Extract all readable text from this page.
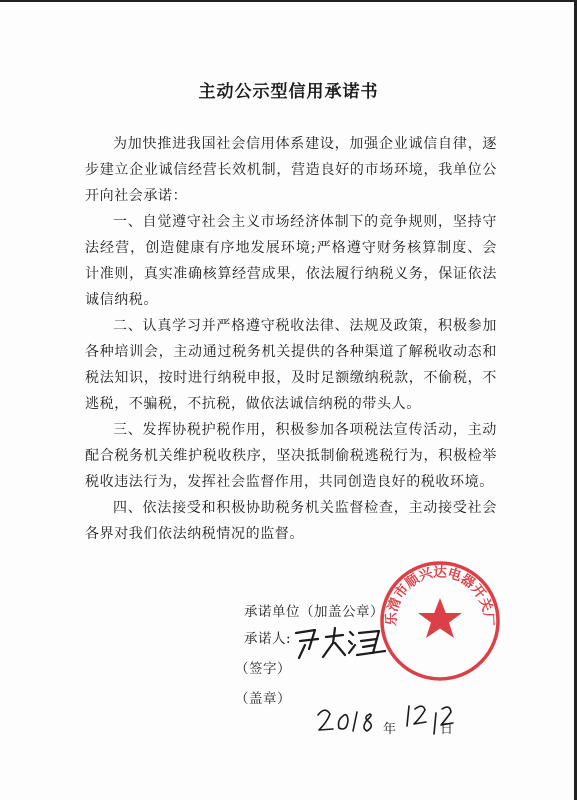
主动公示型信用承诺书

为加快推进我国社会信用体系建设，加强企业诚信自律，逐步建立企业诚信经营长效机制，营造良好的市场环境，我单位公开向社会承诺：

一、自觉遵守社会主义市场经济体制下的竞争规则，坚持守法经营，创造健康有序地发展环境;严格遵守财务核算制度、会计准则，真实准确核算经营成果，依法履行纳税义务，保证依法诚信纳税。

二、认真学习并严格遵守税收法律、法规及政策，积极参加各种培训会，主动通过税务机关提供的各种渠道了解税收动态和税法知识，按时进行纳税申报，及时足额缴纳税款，不偷税，不逃税，不骗税，不抗税，做依法诚信纳税的带头人。

三、发挥协税护税作用，积极参加各项税法宣传活动，主动配合税务机关维护税收秩序，坚决抵制偷税逃税行为，积极检举税收违法行为，发挥社会监督作用，共同创造良好的税收环境。

四、依法接受和积极协助税务机关监督检查，主动接受社会各界对我们依法纳税情况的监督。

承诺单位（加盖公章）
承诺人:
（签字）
（盖章）
乐清市顺兴达电器开关厂
年	日
